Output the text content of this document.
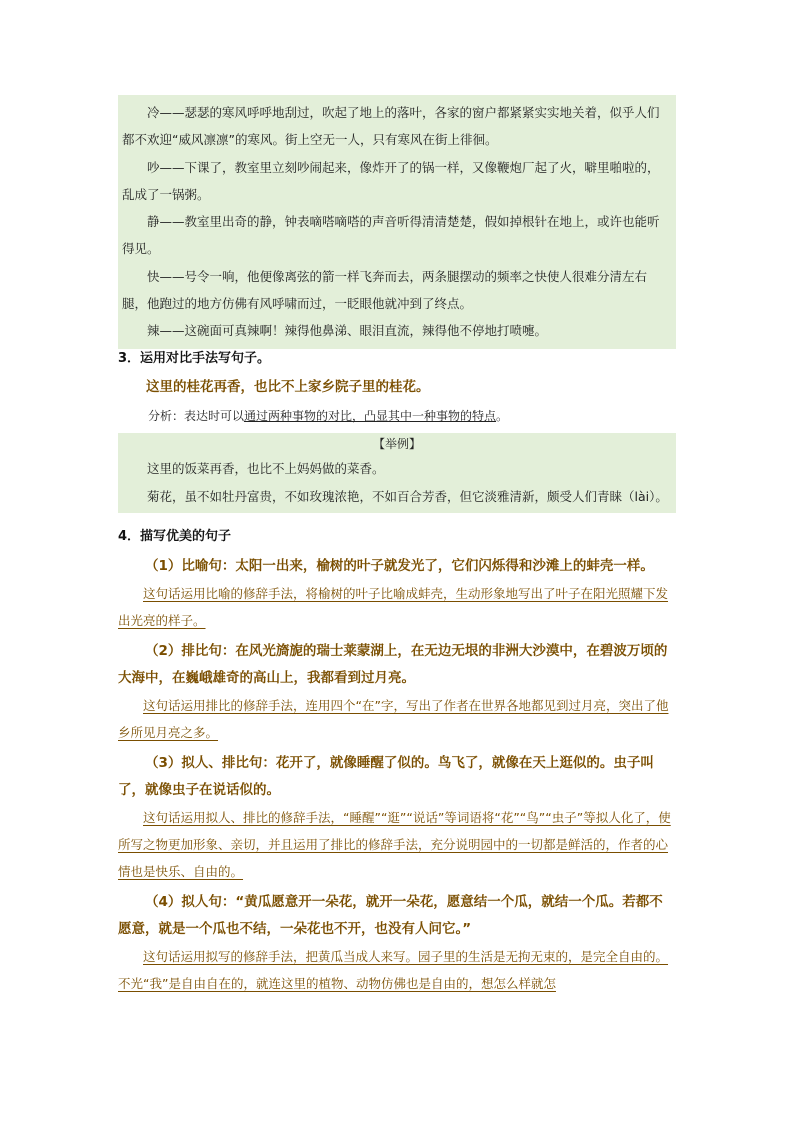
冷——瑟瑟的寒风呼呼地刮过，吹起了地上的落叶，各家的窗户都紧紧实实地关着，似乎人们都不欢迎“威风凛凛”的寒风。街上空无一人，只有寒风在街上徘徊。

吵——下课了，教室里立刻吵闹起来，像炸开了的锅一样，又像鞭炮厂起了火，噼里啪啦的，乱成了一锅粥。

静——教室里出奇的静，钟表嘀嗒嘀嗒的声音听得清清楚楚，假如掉根针在地上，或许也能听得见。

快——号令一响，他便像离弦的箭一样飞奔而去，两条腿摆动的频率之快使人很难分清左右腿，他跑过的地方仿佛有风呼啸而过，一眨眼他就冲到了终点。

辣——这碗面可真辣啊！辣得他鼻涕、眼泪直流，辣得他不停地打喷嚏。

3．运用对比手法写句子。

这里的桂花再香，也比不上家乡院子里的桂花。

分析：表达时可以通过两种事物的对比，凸显其中一种事物的特点。

【举例】

这里的饭菜再香，也比不上妈妈做的菜香。

菊花，虽不如牡丹富贵，不如玫瑰浓艳，不如百合芳香，但它淡雅清新，颇受人们青睐（lài）。

4．描写优美的句子

（1）比喻句：太阳一出来，榆树的叶子就发光了，它们闪烁得和沙滩上的蚌壳一样。

这句话运用比喻的修辞手法，将榆树的叶子比喻成蚌壳，生动形象地写出了叶子在阳光照耀下发出光亮的样子。

（2）排比句：在风光旖旎的瑞士莱蒙湖上，在无边无垠的非洲大沙漠中，在碧波万顷的大海中，在巍峨雄奇的高山上，我都看到过月亮。

这句话运用排比的修辞手法，连用四个“在”字，写出了作者在世界各地都见到过月亮，突出了他乡所见月亮之多。

（3）拟人、排比句：花开了，就像睡醒了似的。鸟飞了，就像在天上逛似的。虫子叫了，就像虫子在说话似的。

这句话运用拟人、排比的修辞手法，“睡醒”“逛”“说话”等词语将“花”“鸟”“虫子”等拟人化了，使所写之物更加形象、亲切，并且运用了排比的修辞手法，充分说明园中的一切都是鲜活的，作者的心情也是快乐、自由的。

（4）拟人句：“黄瓜愿意开一朵花，就开一朵花，愿意结一个瓜，就结一个瓜。若都不愿意，就是一个瓜也不结，一朵花也不开，也没有人问它。”

这句话运用拟写的修辞手法，把黄瓜当成人来写。园子里的生活是无拘无束的，是完全自由的。不光“我”是自由自在的，就连这里的植物、动物仿佛也是自由的，想怎么样就怎
